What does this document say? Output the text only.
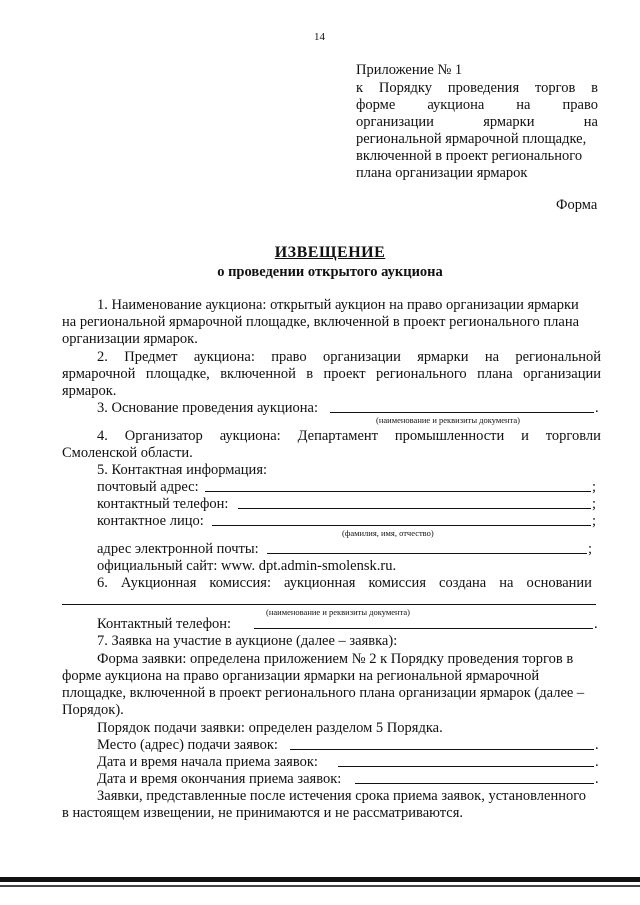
14
Приложение № 1
к Порядку проведения торгов в
форме аукциона на право
организации	ярмарки	на
региональной ярмарочной площадке,
включенной в проект регионального
плана организации ярмарок
Форма
ИЗВЕЩЕНИЕ
о проведении открытого аукциона
1. Наименование аукциона: открытый аукцион на право организации ярмарки
на региональной ярмарочной площадке, включенной в проект регионального плана
организации ярмарок.
2. Предмет аукциона: право организации ярмарки на региональной
ярмарочной площадке, включенной в проект регионального плана организации
ярмарок.
3. Основание проведения аукциона:	.
(наименование и реквизиты документа)
4. Организатор аукциона: Департамент промышленности и торговли
Смоленской области.
5. Контактная информация:
почтовый адрес:	;
контактный телефон:	;
контактное лицо:	;
(фамилия, имя, отчество)
адрес электронной почты:	;
официальный сайт: www. dpt.admin-smolensk.ru.
6. Аукционная комиссия: аукционная комиссия создана на основании
(наименование и реквизиты документа)
Контактный телефон:	.
7. Заявка на участие в аукционе (далее – заявка):
Форма заявки: определена приложением № 2 к Порядку проведения торгов в
форме аукциона на право организации ярмарки на региональной ярмарочной
площадке, включенной в проект регионального плана организации ярмарок (далее –
Порядок).
Порядок подачи заявки: определен разделом 5 Порядка.
Место (адрес) подачи заявок:	.
Дата и время начала приема заявок:	.
Дата и время окончания приема заявок:	.
Заявки, представленные после истечения срока приема заявок, установленного
в настоящем извещении, не принимаются и не рассматриваются.
